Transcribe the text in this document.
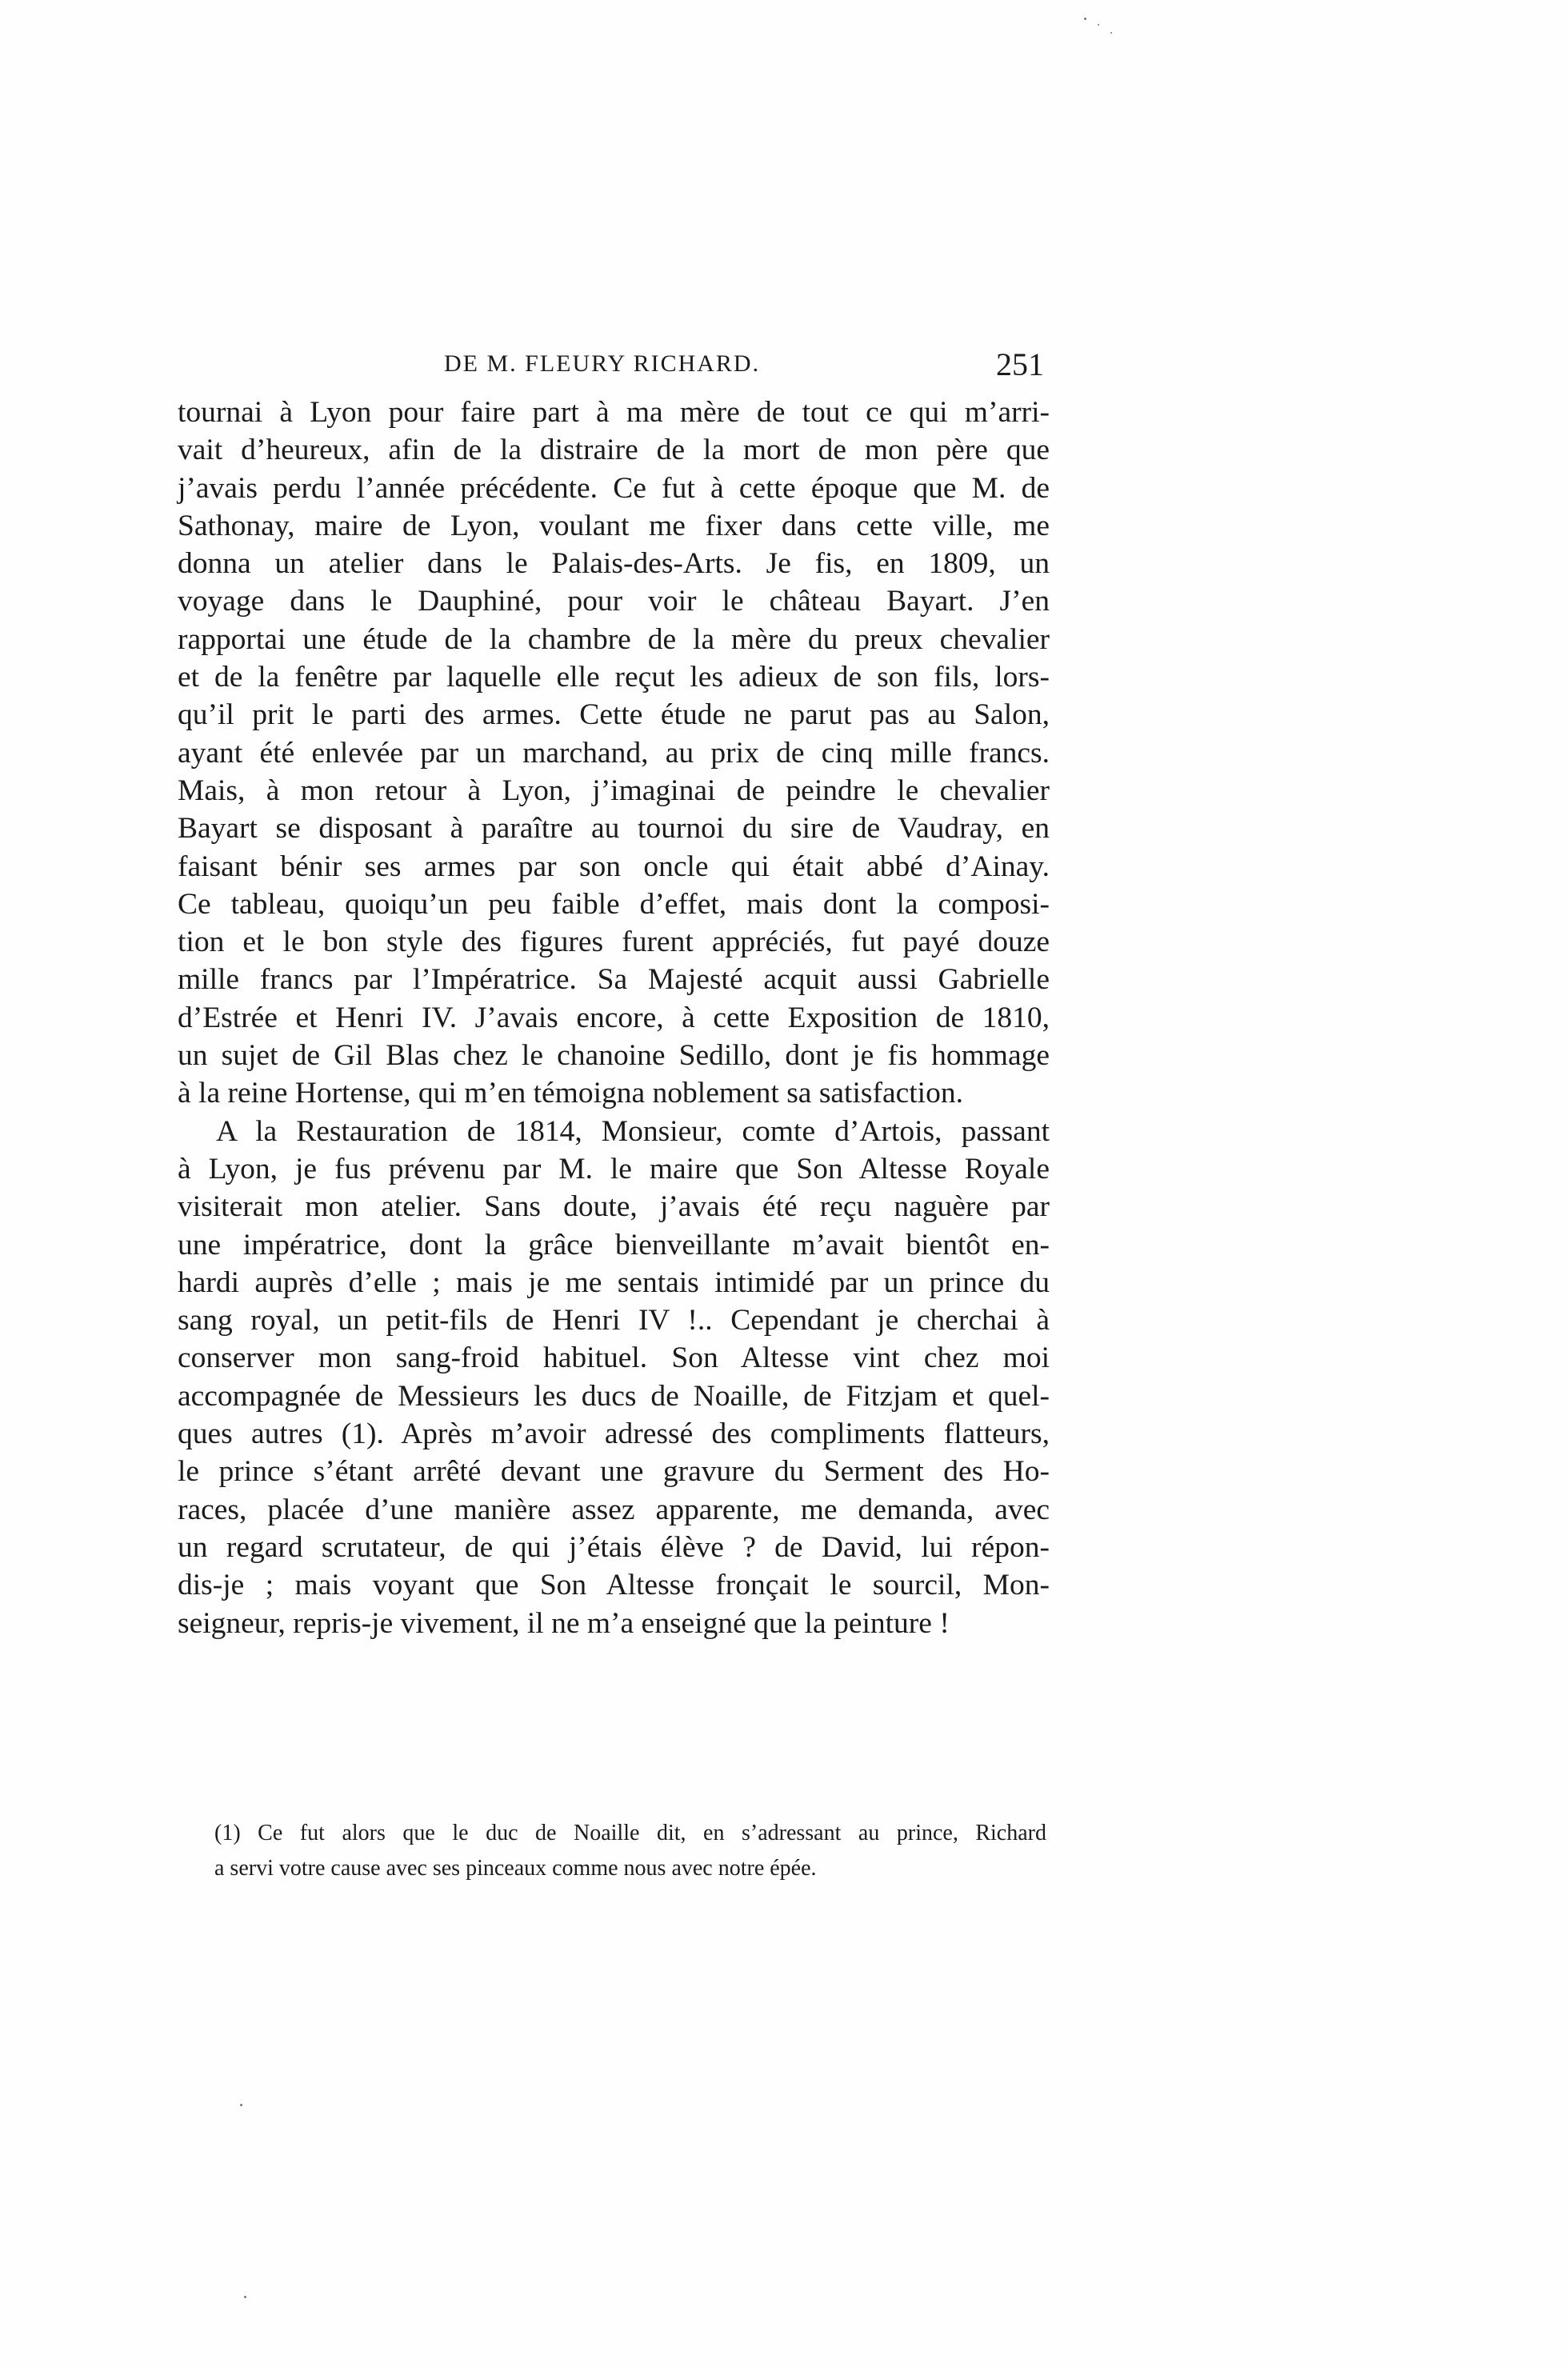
DE M. FLEURY RICHARD.	251
tournai à Lyon pour faire part à ma mère de tout ce qui m’arri-
vait d’heureux, afin de la distraire de la mort de mon père que
j’avais perdu l’année précédente. Ce fut à cette époque que M. de
Sathonay, maire de Lyon, voulant me fixer dans cette ville, me
donna un atelier dans le Palais-des-Arts. Je fis, en 1809, un
voyage dans le Dauphiné, pour voir le château Bayart. J’en
rapportai une étude de la chambre de la mère du preux chevalier
et de la fenêtre par laquelle elle reçut les adieux de son fils, lors-
qu’il prit le parti des armes. Cette étude ne parut pas au Salon,
ayant été enlevée par un marchand, au prix de cinq mille francs.
Mais, à mon retour à Lyon, j’imaginai de peindre le chevalier
Bayart se disposant à paraître au tournoi du sire de Vaudray, en
faisant bénir ses armes par son oncle qui était abbé d’Ainay.
Ce tableau, quoiqu’un peu faible d’effet, mais dont la composi-
tion et le bon style des figures furent appréciés, fut payé douze
mille francs par l’Impératrice. Sa Majesté acquit aussi Gabrielle
d’Estrée et Henri IV. J’avais encore, à cette Exposition de 1810,
un sujet de Gil Blas chez le chanoine Sedillo, dont je fis hommage
à la reine Hortense, qui m’en témoigna noblement sa satisfaction.
A la Restauration de 1814, Monsieur, comte d’Artois, passant
à Lyon, je fus prévenu par M. le maire que Son Altesse Royale
visiterait mon atelier. Sans doute, j’avais été reçu naguère par
une impératrice, dont la grâce bienveillante m’avait bientôt en-
hardi auprès d’elle ; mais je me sentais intimidé par un prince du
sang royal, un petit-fils de Henri IV !.. Cependant je cherchai à
conserver mon sang-froid habituel. Son Altesse vint chez moi
accompagnée de Messieurs les ducs de Noaille, de Fitzjam et quel-
ques autres (1). Après m’avoir adressé des compliments flatteurs,
le prince s’étant arrêté devant une gravure du Serment des Ho-
races, placée d’une manière assez apparente, me demanda, avec
un regard scrutateur, de qui j’étais élève ? de David, lui répon-
dis-je ; mais voyant que Son Altesse fronçait le sourcil, Mon-
seigneur, repris-je vivement, il ne m’a enseigné que la peinture !
(1) Ce fut alors que le duc de Noaille dit, en s’adressant au prince, Richard
a servi votre cause avec ses pinceaux comme nous avec notre épée.
